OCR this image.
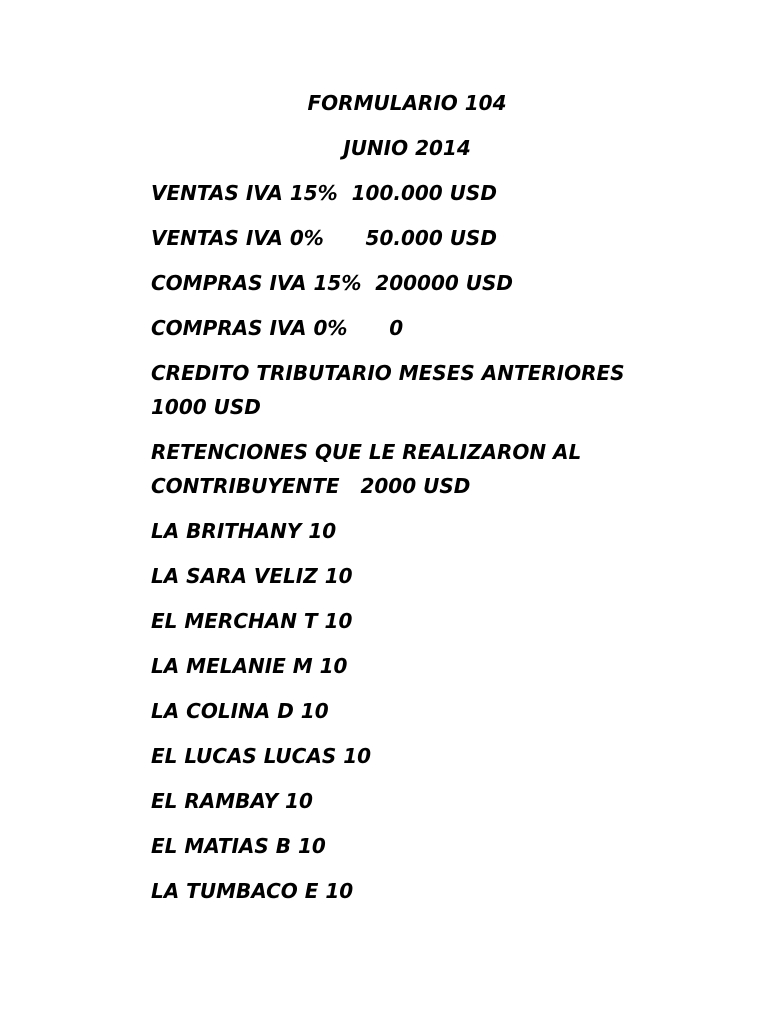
FORMULARIO 104
JUNIO 2014
VENTAS IVA 15%  100.000 USD
VENTAS IVA 0%      50.000 USD
COMPRAS IVA 15%  200000 USD
COMPRAS IVA 0%      0
CREDITO TRIBUTARIO MESES ANTERIORES  1000 USD
RETENCIONES QUE LE REALIZARON AL CONTRIBUYENTE   2000 USD
LA BRITHANY 10
LA SARA VELIZ 10
EL MERCHAN T 10
LA MELANIE M 10
LA COLINA D 10
EL LUCAS LUCAS 10
EL RAMBAY 10
EL MATIAS B 10
LA TUMBACO E 10
